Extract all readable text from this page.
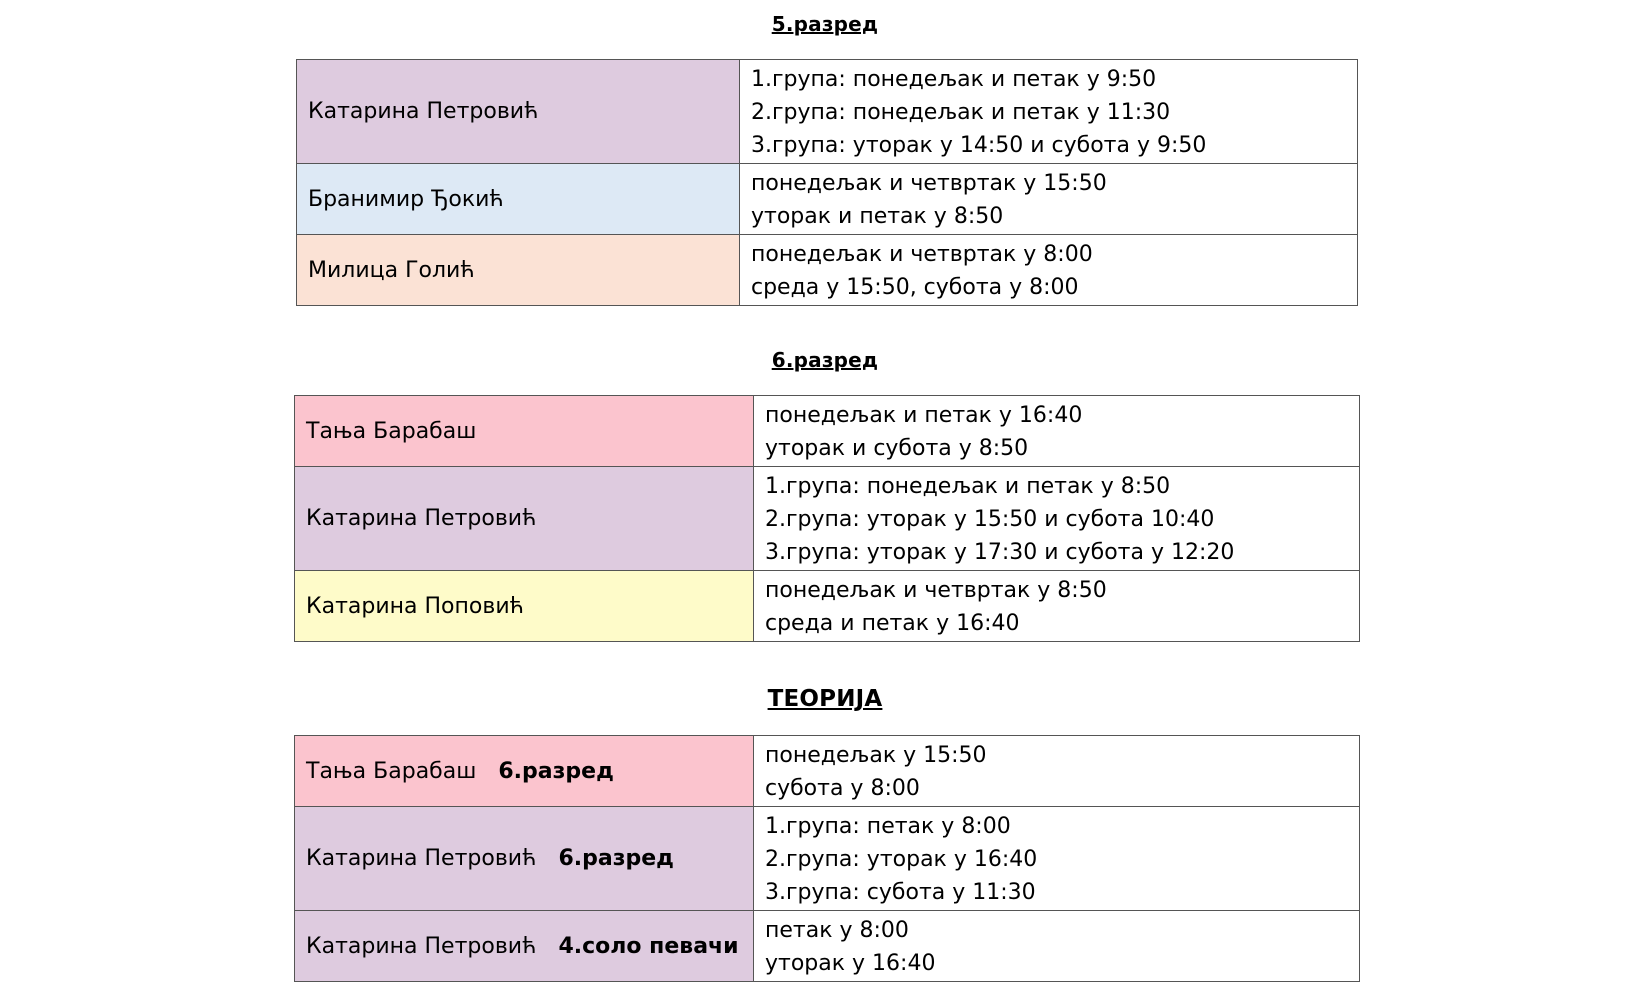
5.разред
Катарина Петровић	1.група: понедељак и петак у 9:50
2.група: понедељак и петак у 11:30
3.група: уторак у 14:50 и субота у 9:50

Бранимир Ђокић	понедељак и четвртак у 15:50
уторак и петак у 8:50

Милица Голић	понедељак и четвртак у 8:00
среда у 15:50, субота у 8:00
6.разред
Тања Барабаш	понедељак и петак у 16:40
уторак и субота у 8:50

Катарина Петровић	1.група: понедељак и петак у 8:50
2.група: уторак у 15:50 и субота 10:40
3.група: уторак у 17:30 и субота у 12:20

Катарина Поповић	понедељак и четвртак у 8:50
среда и петак у 16:40
ТЕОРИЈА
Тања Барабаш 6.разред	понедељак у 15:50
субота у 8:00

Катарина Петровић 6.разред	1.група: петак у 8:00
2.група: уторак у 16:40
3.група: субота у 11:30

Катарина Петровић 4.соло певачи	петак у 8:00
уторак у 16:40
